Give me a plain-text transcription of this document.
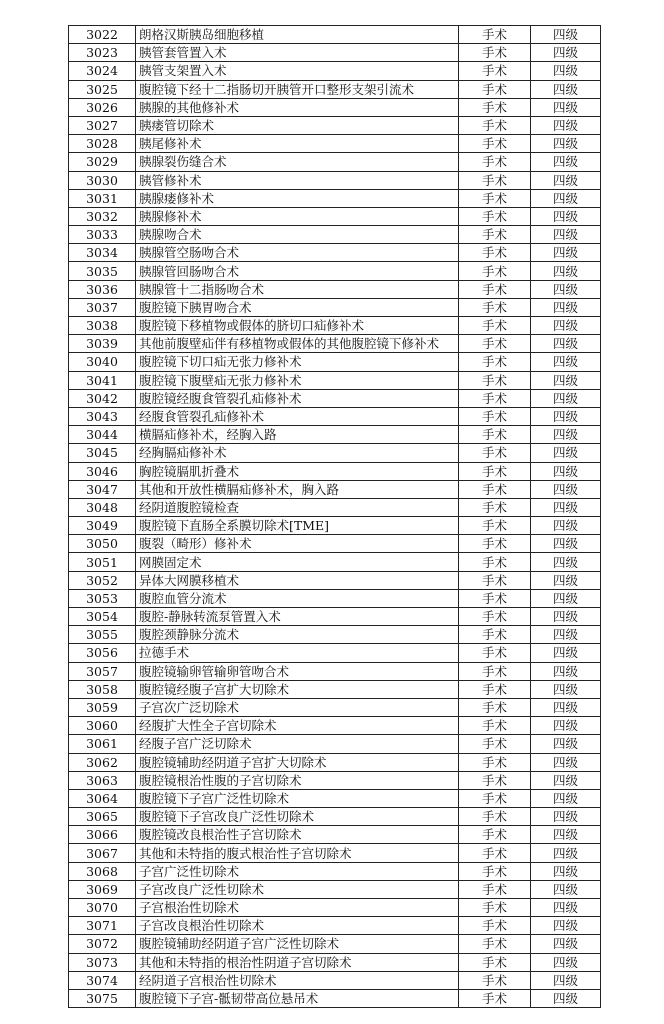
3022	朗格汉斯胰岛细胞移植	手术	四级
3023	胰管套管置入术	手术	四级
3024	胰管支架置入术	手术	四级
3025	腹腔镜下经十二指肠切开胰管开口整形支架引流术	手术	四级
3026	胰腺的其他修补术	手术	四级
3027	胰瘘管切除术	手术	四级
3028	胰尾修补术	手术	四级
3029	胰腺裂伤缝合术	手术	四级
3030	胰管修补术	手术	四级
3031	胰腺瘘修补术	手术	四级
3032	胰腺修补术	手术	四级
3033	胰腺吻合术	手术	四级
3034	胰腺管空肠吻合术	手术	四级
3035	胰腺管回肠吻合术	手术	四级
3036	胰腺管十二指肠吻合术	手术	四级
3037	腹腔镜下胰胃吻合术	手术	四级
3038	腹腔镜下移植物或假体的脐切口疝修补术	手术	四级
3039	其他前腹壁疝伴有移植物或假体的其他腹腔镜下修补术	手术	四级
3040	腹腔镜下切口疝无张力修补术	手术	四级
3041	腹腔镜下腹壁疝无张力修补术	手术	四级
3042	腹腔镜经腹食管裂孔疝修补术	手术	四级
3043	经腹食管裂孔疝修补术	手术	四级
3044	横膈疝修补术，经胸入路	手术	四级
3045	经胸膈疝修补术	手术	四级
3046	胸腔镜膈肌折叠术	手术	四级
3047	其他和开放性横膈疝修补术，胸入路	手术	四级
3048	经阴道腹腔镜检查	手术	四级
3049	腹腔镜下直肠全系膜切除术[TME]	手术	四级
3050	腹裂（畸形）修补术	手术	四级
3051	网膜固定术	手术	四级
3052	异体大网膜移植术	手术	四级
3053	腹腔血管分流术	手术	四级
3054	腹腔-静脉转流泵管置入术	手术	四级
3055	腹腔颈静脉分流术	手术	四级
3056	拉德手术	手术	四级
3057	腹腔镜输卵管输卵管吻合术	手术	四级
3058	腹腔镜经腹子宫扩大切除术	手术	四级
3059	子宫次广泛切除术	手术	四级
3060	经腹扩大性全子宫切除术	手术	四级
3061	经腹子宫广泛切除术	手术	四级
3062	腹腔镜辅助经阴道子宫扩大切除术	手术	四级
3063	腹腔镜根治性腹的子宫切除术	手术	四级
3064	腹腔镜下子宫广泛性切除术	手术	四级
3065	腹腔镜下子宫改良广泛性切除术	手术	四级
3066	腹腔镜改良根治性子宫切除术	手术	四级
3067	其他和未特指的腹式根治性子宫切除术	手术	四级
3068	子宫广泛性切除术	手术	四级
3069	子宫改良广泛性切除术	手术	四级
3070	子宫根治性切除术	手术	四级
3071	子宫改良根治性切除术	手术	四级
3072	腹腔镜辅助经阴道子宫广泛性切除术	手术	四级
3073	其他和未特指的根治性阴道子宫切除术	手术	四级
3074	经阴道子宫根治性切除术	手术	四级
3075	腹腔镜下子宫-骶韧带高位悬吊术	手术	四级
